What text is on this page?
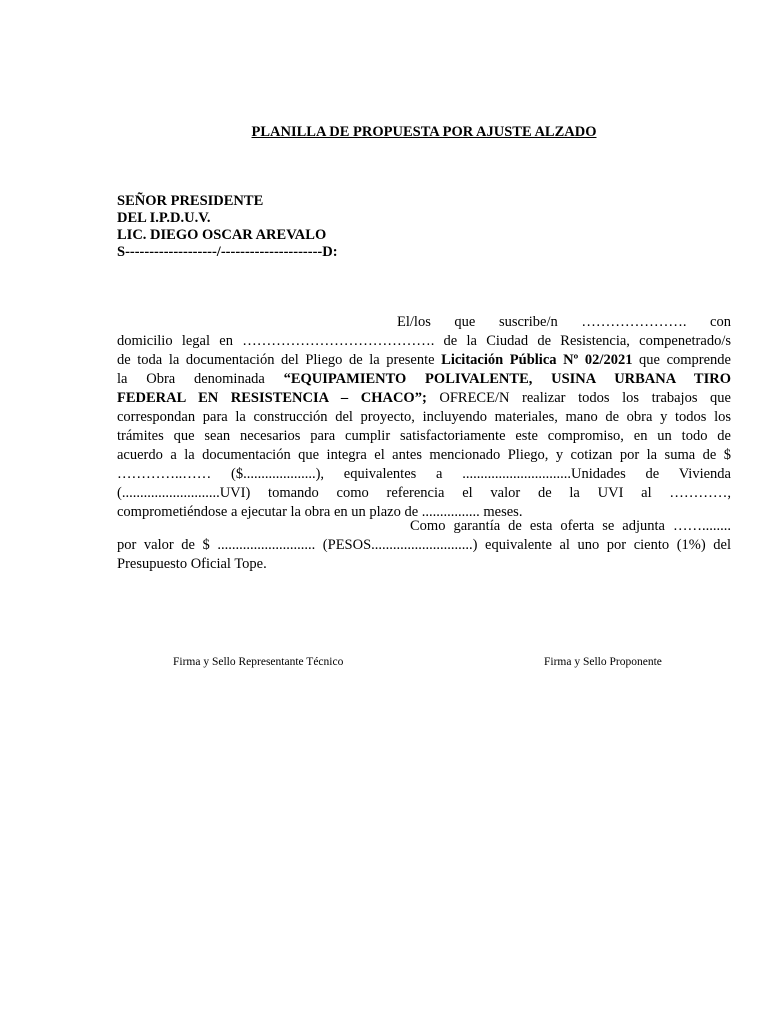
PLANILLA DE PROPUESTA POR AJUSTE ALZADO
SEÑOR PRESIDENTE
DEL I.P.D.U.V.
LIC. DIEGO OSCAR AREVALO
S-------------------/---------------------D:
El/los que suscribe/n …………………. con
domicilio legal en …………………………………. de la Ciudad de Resistencia, compenetrado/s
de toda la documentación del Pliego de la presente Licitación Pública Nº 02/2021 que comprende
la Obra denominada “EQUIPAMIENTO POLIVALENTE, USINA URBANA TIRO
FEDERAL EN RESISTENCIA – CHACO”; OFRECE/N realizar todos los trabajos que
correspondan para la construcción del proyecto, incluyendo materiales, mano de obra y todos los
trámites que sean necesarios para cumplir satisfactoriamente este compromiso, en un todo de
acuerdo a la documentación que integra el antes mencionado Pliego, y cotizan por la suma de $
…………..…… ($....................), equivalentes a ..............................Unidades de Vivienda
(...........................UVI) tomando como referencia el valor de la UVI al …………,
comprometiéndose a ejecutar la obra en un plazo de ................ meses.
Como garantía de esta oferta se adjunta ……........
por valor de $ ........................... (PESOS............................) equivalente al uno por ciento (1%) del
Presupuesto Oficial Tope.
Firma y Sello Representante Técnico	Firma y Sello Proponente
